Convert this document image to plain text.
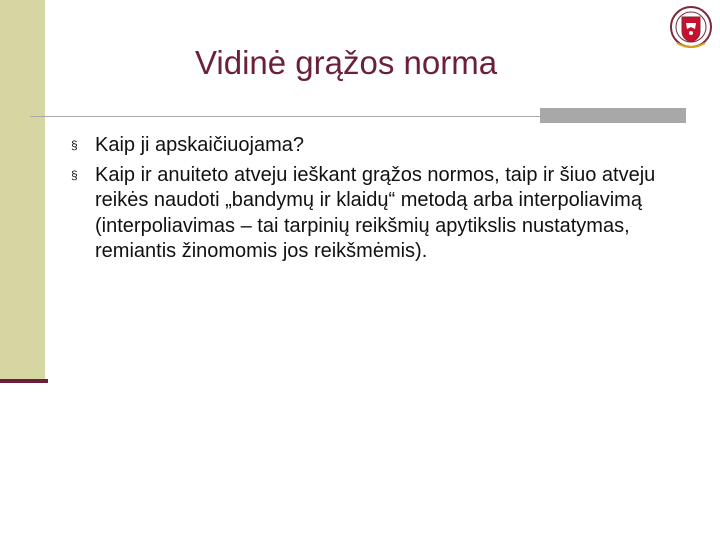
Vidinė grąžos norma
§ Kaip ji apskaičiuojama?
§ Kaip ir anuiteto atveju ieškant grąžos normos, taip ir šiuo atveju reikės naudoti „bandymų ir klaidų“ metodą arba interpoliavimą (interpoliavimas – tai tarpinių reikšmių apytikslis nustatymas, remiantis žinomomis jos reikšmėmis).
